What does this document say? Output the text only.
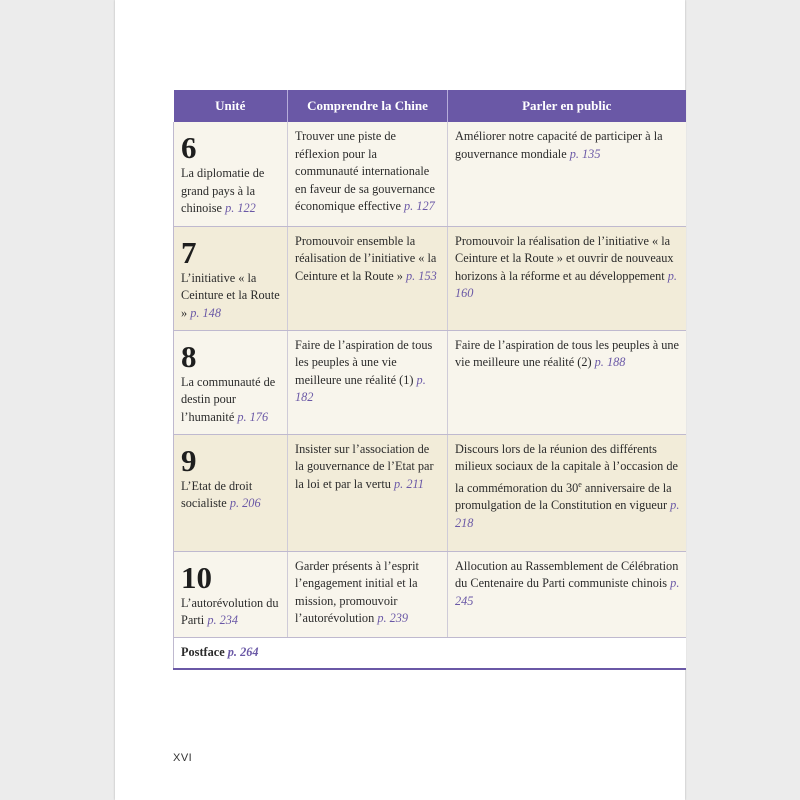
Unité	Comprendre la Chine	Parler en public

6
La diplomatie de grand pays à la chinoise p. 122	Trouver une piste de réflexion pour la communauté internationale en faveur de sa gouvernance économique effective p. 127	Améliorer notre capacité de participer à la gouvernance mondiale p. 135

7
L’initiative « la Ceinture et la Route » p. 148	Promouvoir ensemble la réalisation de l’initiative « la Ceinture et la Route » p. 153	Promouvoir la réalisation de l’initiative « la Ceinture et la Route » et ouvrir de nouveaux horizons à la réforme et au développement p. 160

8
La communauté de destin pour l’humanité p. 176	Faire de l’aspiration de tous les peuples à une vie meilleure une réalité (1) p. 182	Faire de l’aspiration de tous les peuples à une vie meilleure une réalité (2) p. 188

9
L’Etat de droit socialiste p. 206	Insister sur l’association de la gouvernance de l’Etat par la loi et par la vertu p. 211	Discours lors de la réunion des différents milieux sociaux de la capitale à l’occasion de la commémoration du 30e anniversaire de la promulgation de la Constitution en vigueur p. 218

10
L’autorévolution du Parti p. 234	Garder présents à l’esprit l’engagement initial et la mission, promouvoir l’autorévolution p. 239	Allocution au Rassemblement de Célébration du Centenaire du Parti communiste chinois p. 245
Postface p. 264		
XVI
